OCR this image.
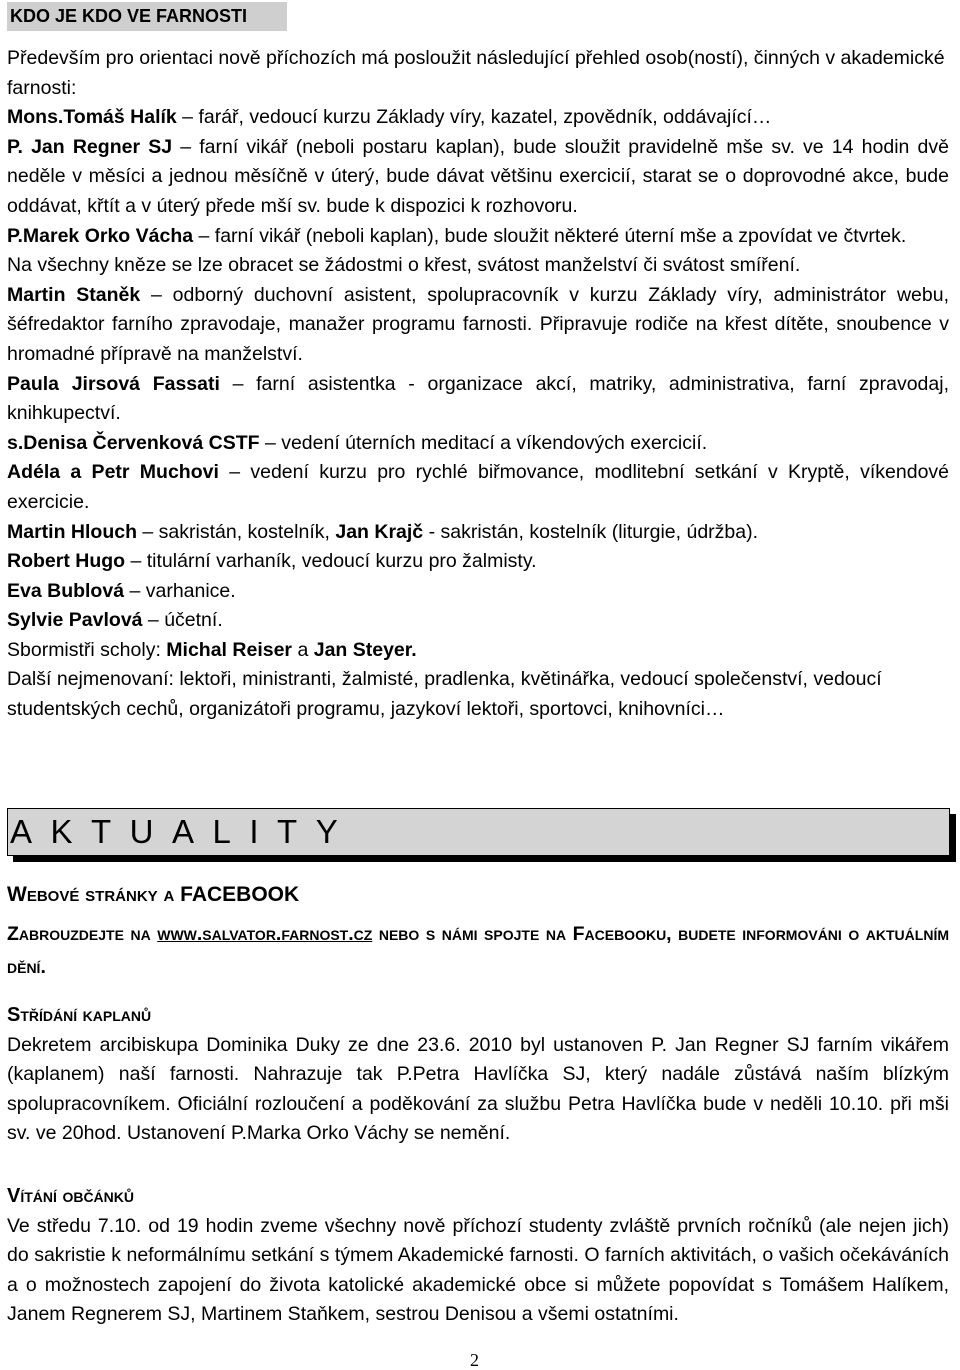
KDO JE KDO VE FARNOSTI

Především pro orientaci nově příchozích má posloužit následující přehled osob(ností), činných v akademické farnosti:

Mons.Tomáš Halík – farář, vedoucí kurzu Základy víry, kazatel, zpovědník, oddávající…

P. Jan Regner SJ – farní vikář (neboli postaru kaplan), bude sloužit pravidelně mše sv. ve 14 hodin dvě neděle v měsíci a jednou měsíčně v úterý, bude dávat většinu exercicií, starat se o doprovodné akce, bude oddávat, křtít a v úterý přede mší sv. bude k dispozici k rozhovoru.

P.Marek Orko Vácha – farní vikář (neboli kaplan), bude sloužit některé úterní mše a zpovídat ve čtvrtek.

Na všechny kněze se lze obracet se žádostmi o křest, svátost manželství či svátost smíření.

Martin Staněk – odborný duchovní asistent, spolupracovník v kurzu Základy víry, administrátor webu, šéfredaktor farního zpravodaje, manažer programu farnosti. Připravuje rodiče na křest dítěte, snoubence v hromadné přípravě na manželství.

Paula Jirsová Fassati – farní asistentka - organizace akcí, matriky, administrativa, farní zpravodaj, knihkupectví.

s.Denisa Červenková CSTF – vedení úterních meditací a víkendových exercicií.

Adéla a Petr Muchovi – vedení kurzu pro rychlé biřmovance, modlitební setkání v Kryptě, víkendové exercicie.

Martin Hlouch – sakristán, kostelník, Jan Krajč - sakristán, kostelník (liturgie, údržba).

Robert Hugo – titulární varhaník, vedoucí kurzu pro žalmisty.

Eva Bublová – varhanice.

Sylvie Pavlová – účetní.

Sbormistři scholy: Michal Reiser a Jan Steyer.

Další nejmenovaní: lektoři, ministranti, žalmisté, pradlenka, květinářka, vedoucí společenství, vedoucí studentských cechů, organizátoři programu, jazykoví lektoři, sportovci, knihovníci…

AKTUALITY

Webové stránky a FACEBOOK

Zabrouzdejte na www.salvator.farnost.cz nebo s námi spojte na Facebooku, budete informováni o aktuálním dění.

Střídání kaplanů

Dekretem arcibiskupa Dominika Duky ze dne 23.6. 2010 byl ustanoven P. Jan Regner SJ farním vikářem (kaplanem) naší farnosti. Nahrazuje tak P.Petra Havlíčka SJ, který nadále zůstává naším blízkým spolupracovníkem. Oficiální rozloučení a poděkování za službu Petra Havlíčka bude v neděli 10.10. při mši sv. ve 20hod. Ustanovení P.Marka Orko Váchy se nemění.

Vítání občánků

Ve středu 7.10. od 19 hodin zveme všechny nově příchozí studenty zvláště prvních ročníků (ale nejen jich) do sakristie k neformálnímu setkání s týmem Akademické farnosti. O farních aktivitách, o vašich očekáváních a o možnostech zapojení do života katolické akademické obce si můžete popovídat s Tomášem Halíkem, Janem Regnerem SJ, Martinem Staňkem, sestrou Denisou a všemi ostatními.

2
